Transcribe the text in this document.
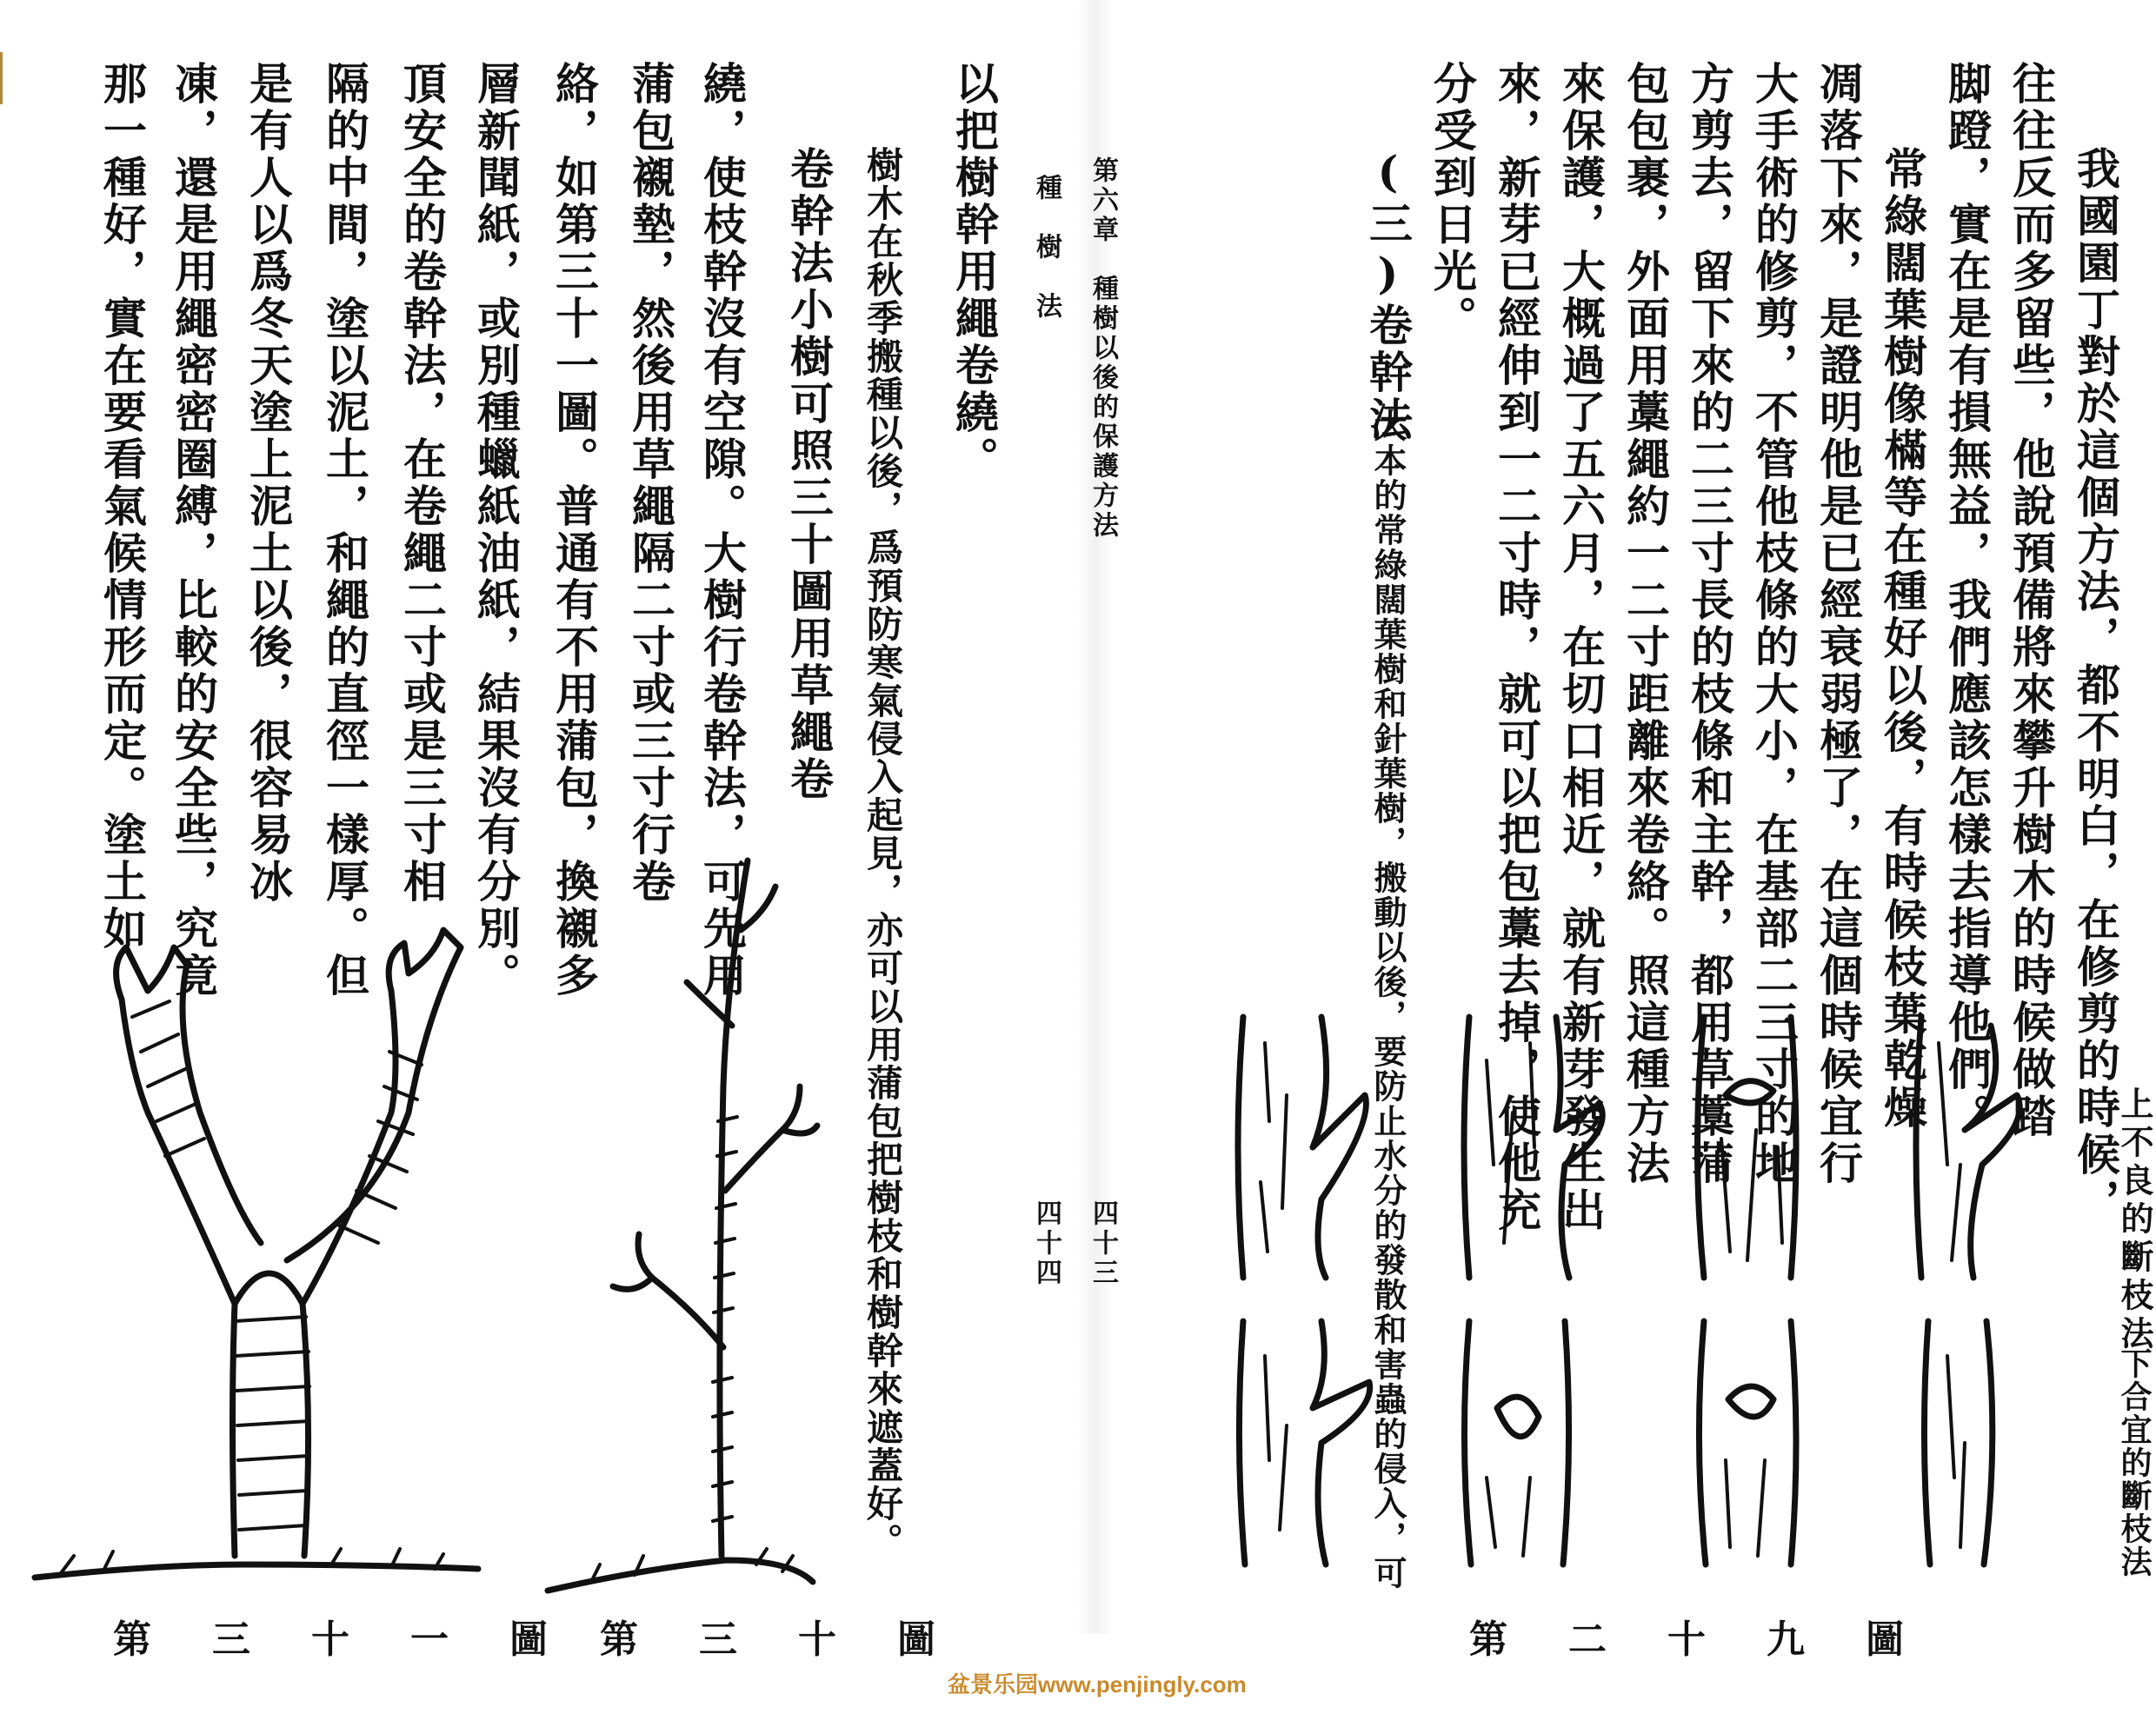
我國園丁對於這個方法，都不明白，在修剪的時候，
往往反而多留些，他說預備將來攀升樹木的時候做踏
脚蹬，實在是有損無益，我們應該怎樣去指導他們。
常綠闊葉樹像樠等在種好以後，有時候枝葉乾燥
凋落下來，是證明他是已經衰弱極了，在這個時候宜行
大手術的修剪，不管他枝條的大小，在基部二三寸的地
方剪去，留下來的二三寸長的枝條和主幹，都用草藁蒲
包包裹，外面用藁繩約一二寸距離來卷絡。照這種方法
來保護，大概過了五六月，在切口相近，就有新芽發生出
來，新芽已經伸到一二寸時，就可以把包藁去掉，使他充
分受到日光。
(三)卷幹法
大本的常綠闊葉樹和針葉樹，搬動以後，要防止水分的發散和害蟲的侵入，可	上不良的斷枝法
下合宜的斷枝法
第二十九圖
第六章　種樹以後的保護方法
種　樹　法
四十三
四十四
以把樹幹用繩卷繞。
樹木在秋季搬種以後，爲預防寒氣侵入起見，亦可以用蒲包把樹枝和樹幹來遮蓋好。
卷幹法小樹可照三十圖用草繩卷
繞，使枝幹沒有空隙。大樹行卷幹法，可先用
蒲包襯墊，然後用草繩隔二寸或三寸行卷
絡，如第三十一圖。普通有不用蒲包，換襯多
層新聞紙，或別種蠟紙油紙，結果沒有分別。
頂安全的卷幹法，在卷繩二寸或是三寸相
隔的中間，塗以泥土，和繩的直徑一樣厚。但
是有人以爲冬天塗上泥土以後，很容易冰
凍，還是用繩密密圈縛，比較的安全些，究竟
那一種好，實在要看氣候情形而定。塗土如
第三十圖
第三十一圖
盆景乐园www.penjingly.com
